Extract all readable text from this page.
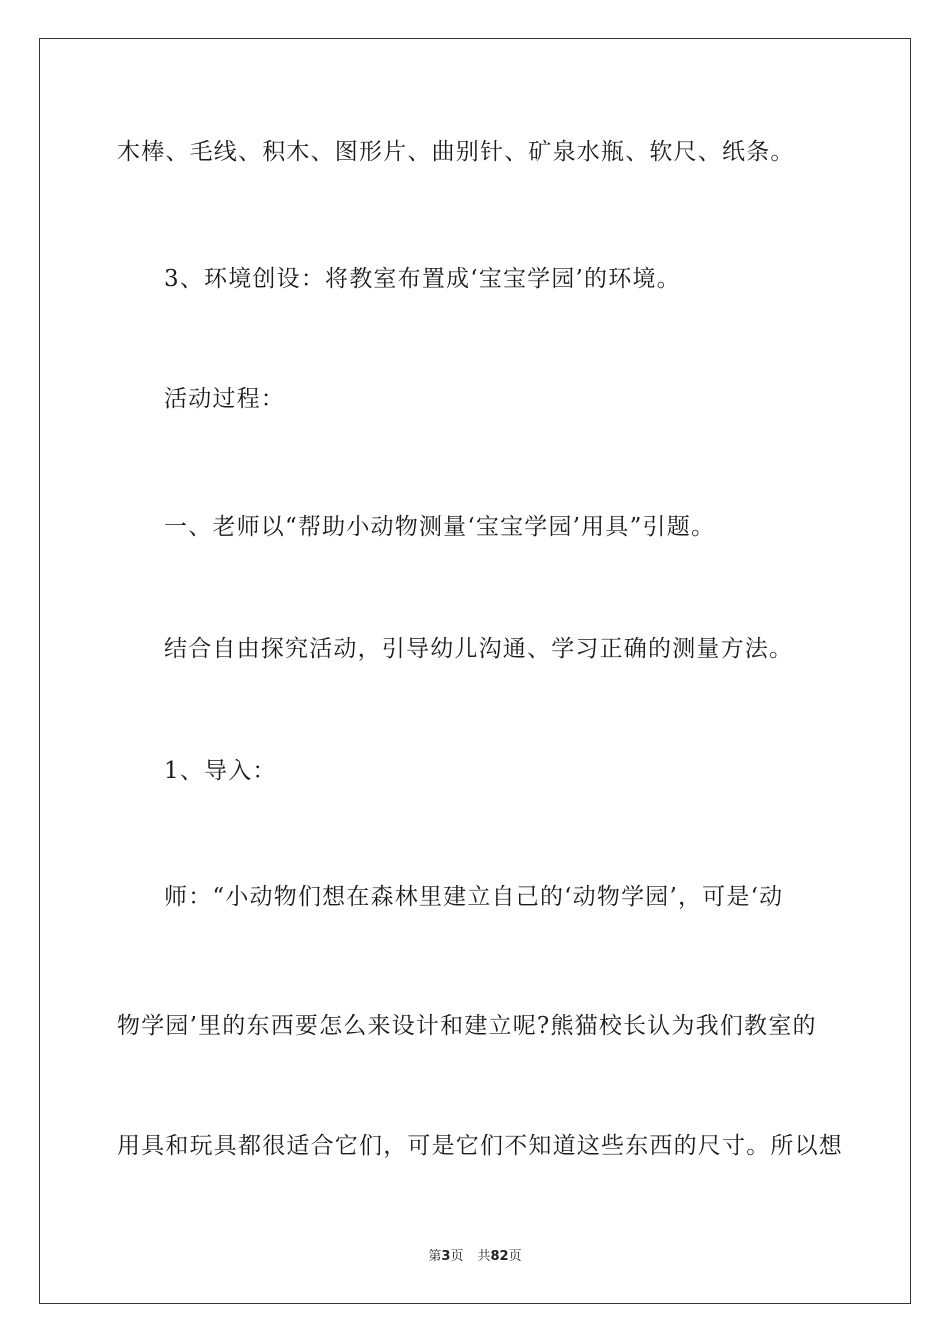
木棒、毛线、积木、图形片、曲别针、矿泉水瓶、软尺、纸条。
3、环境创设：将教室布置成‘宝宝学园’的环境。
活动过程：
一、老师以“帮助小动物测量‘宝宝学园’用具”引题。
结合自由探究活动，引导幼儿沟通、学习正确的测量方法。
1、导入：
师：“小动物们想在森林里建立自己的‘动物学园’，可是‘动
物学园’里的东西要怎么来设计和建立呢?熊猫校长认为我们教室的
用具和玩具都很适合它们，可是它们不知道这些东西的尺寸。所以想
第3页 共82页
